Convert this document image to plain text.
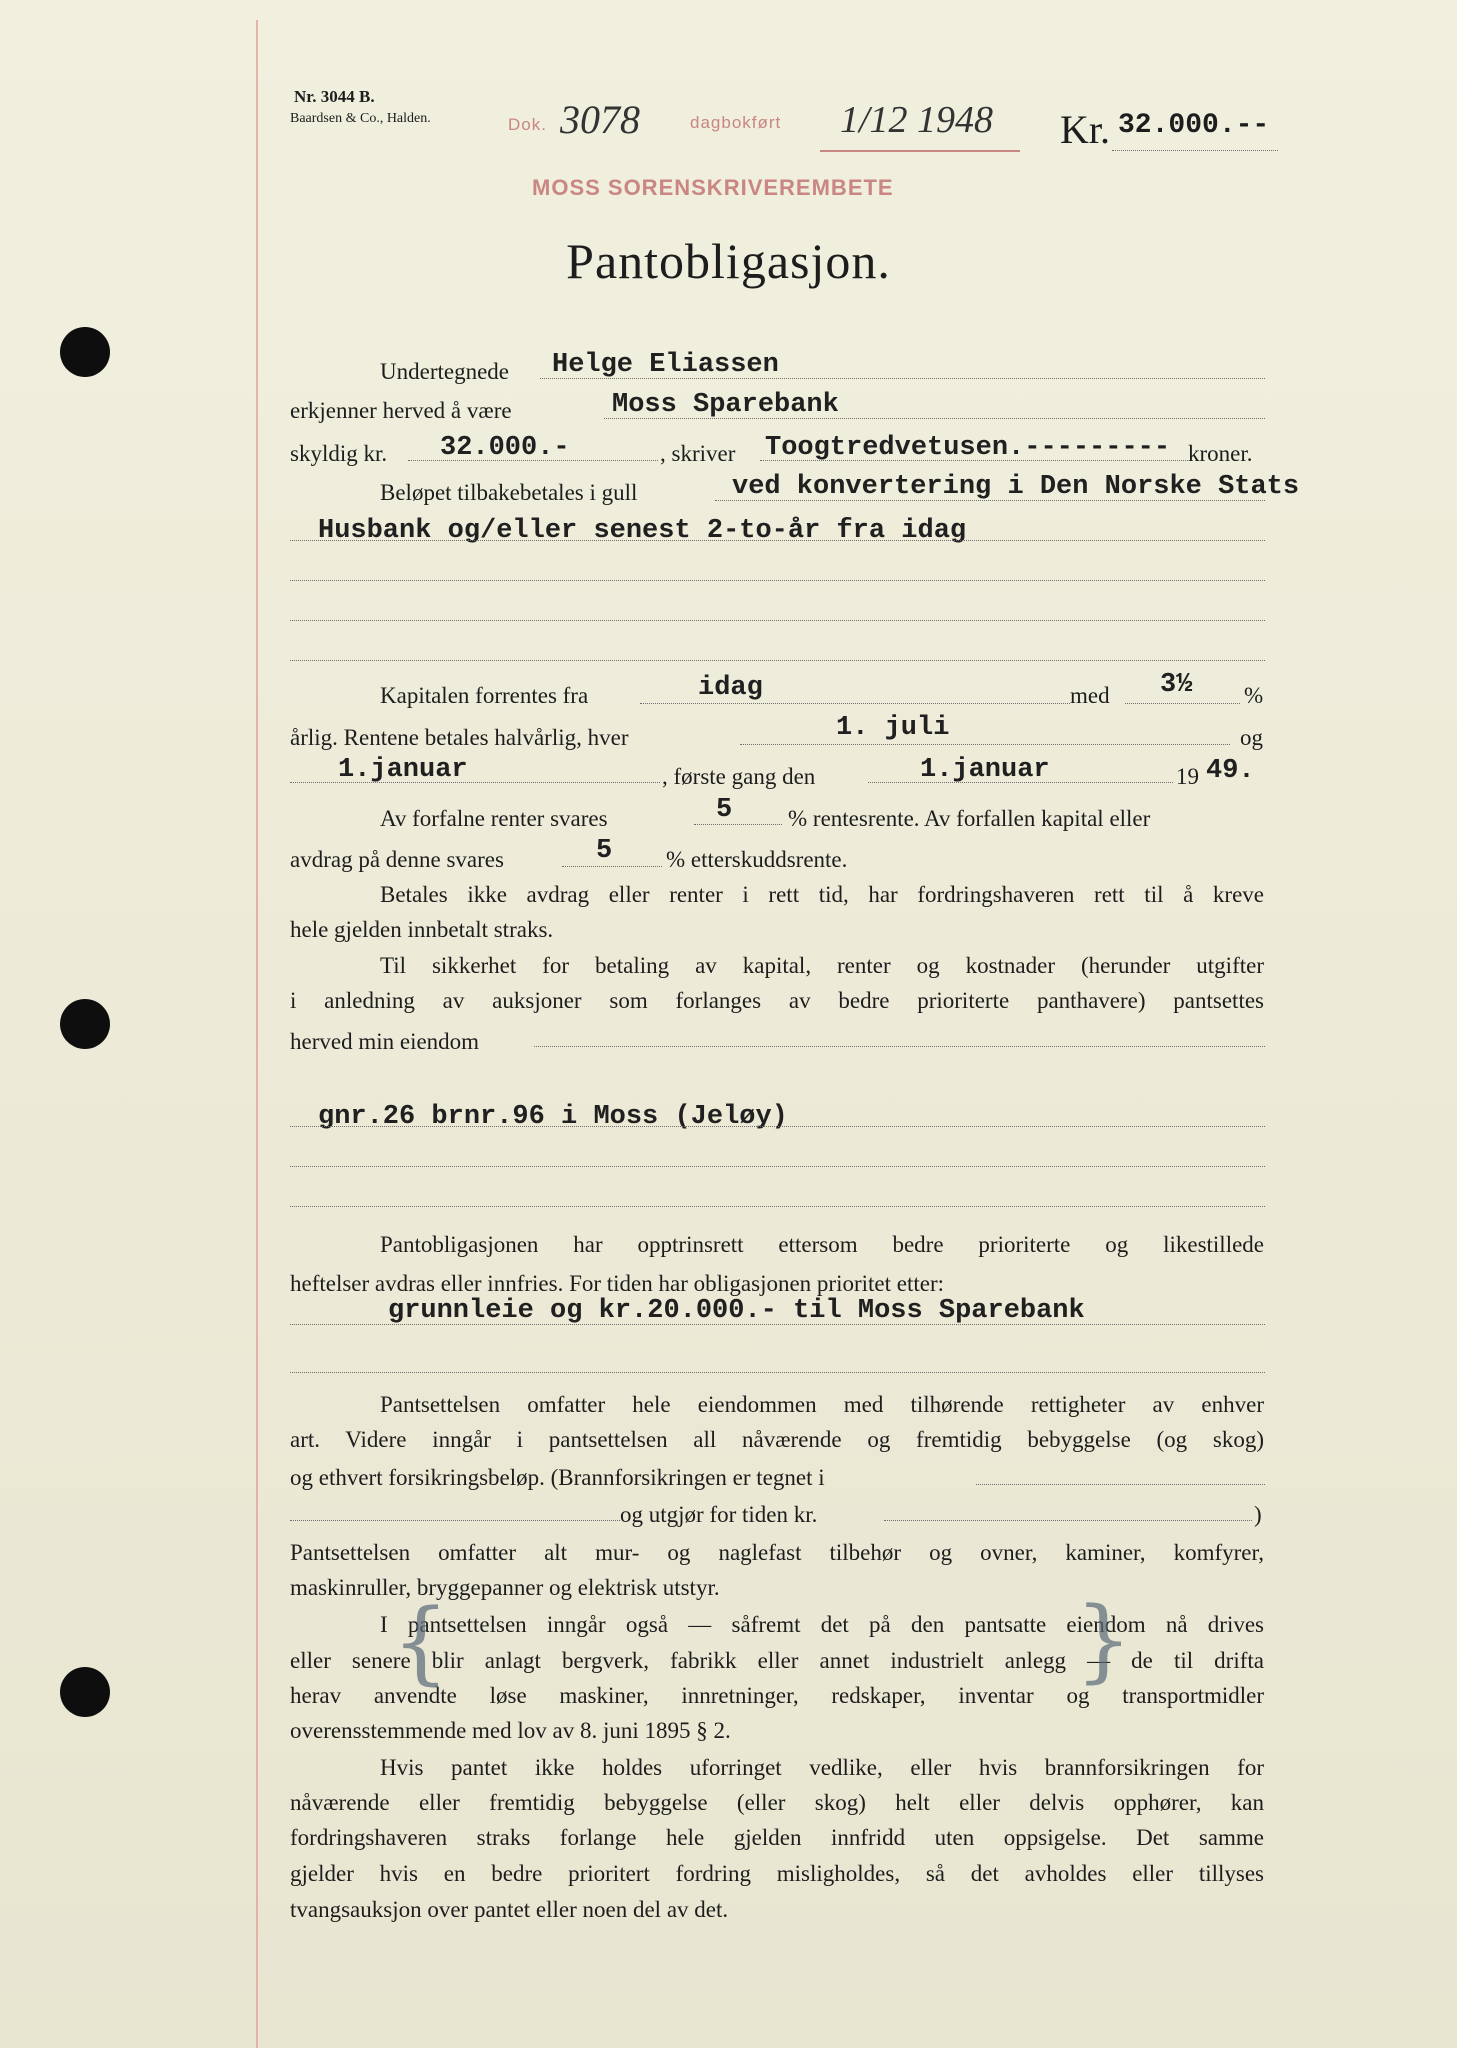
Nr. 3044 B.
Baardsen & Co., Halden.	Dok. 3078	dagbokført 1/12 1948
MOSS SORENSKRIVEREMBETE
Kr. 32.000.--
Pantobligasjon.
Undertegnede Helge Eliassen
erkjenner herved å være	Moss Sparebank
skyldig kr. 32.000.-	, skriver Toogtredvetusen.--------- kroner.
Beløpet tilbakebetales i gull	ved konvertering i Den Norske Stats
Husbank og/eller senest 2-to-år fra idag
Kapitalen forrentes fra	idag	med 3½ %
årlig. Rentene betales halvårlig, hver	1. juli	og
1.januar	, første gang den	1.januar	19 49.
Av forfalne renter svares	5 % rentesrente. Av forfallen kapital eller
avdrag på denne svares	5 % etterskuddsrente.
Betales ikke avdrag eller renter i rett tid, har fordringshaveren rett til å kreve
hele gjelden innbetalt straks.
Til sikkerhet for betaling av kapital, renter og kostnader (herunder utgifter
i anledning av auksjoner som forlanges av bedre prioriterte panthavere) pantsettes
herved min eiendom
gnr.26 brnr.96 i Moss (Jeløy)
Pantobligasjonen har opptrinsrett ettersom bedre prioriterte og likestillede
heftelser avdras eller innfries. For tiden har obligasjonen prioritet etter:
grunnleie og kr.20.000.- til Moss Sparebank
Pantsettelsen omfatter hele eiendommen med tilhørende rettigheter av enhver
art. Videre inngår i pantsettelsen all nåværende og fremtidig bebyggelse (og skog)
og ethvert forsikringsbeløp. (Brannforsikringen er tegnet i
og utgjør for tiden kr.	)
Pantsettelsen omfatter alt mur- og naglefast tilbehør og ovner, kaminer, komfyrer,
maskinruller, bryggepanner og elektrisk utstyr.
I pantsettelsen inngår også — såfremt det på den pantsatte eiendom nå drives
eller senere blir anlagt bergverk, fabrikk eller annet industrielt anlegg — de til drifta
herav anvendte løse maskiner, innretninger, redskaper, inventar og transportmidler
overensstemmende med lov av 8. juni 1895 § 2.
{	}
Hvis pantet ikke holdes uforringet vedlike, eller hvis brannforsikringen for
nåværende eller fremtidig bebyggelse (eller skog) helt eller delvis opphører, kan
fordringshaveren straks forlange hele gjelden innfridd uten oppsigelse. Det samme
gjelder hvis en bedre prioritert fordring misligholdes, så det avholdes eller tillyses
tvangsauksjon over pantet eller noen del av det.
